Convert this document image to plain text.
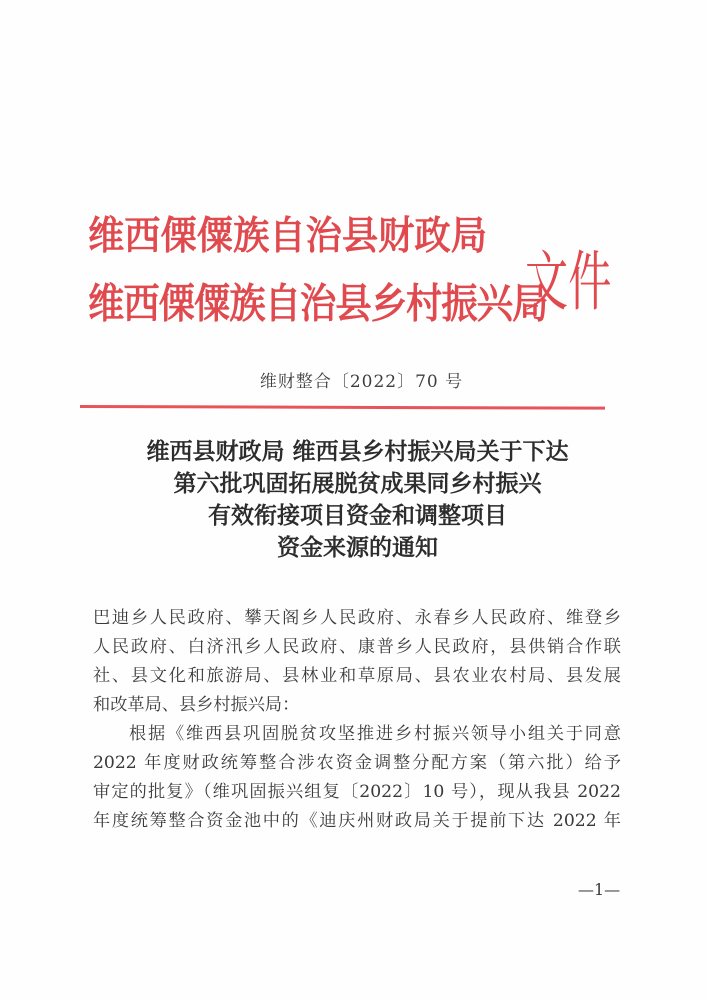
维西傈僳族自治县财政局
维西傈僳族自治县乡村振兴局
文件
维财整合〔2022〕70 号
维西县财政局 维西县乡村振兴局关于下达
第六批巩固拓展脱贫成果同乡村振兴
有效衔接项目资金和调整项目
资金来源的通知
巴迪乡人民政府、攀天阁乡人民政府、永春乡人民政府、维登乡
人民政府、白济汛乡人民政府、康普乡人民政府，县供销合作联
社、县文化和旅游局、县林业和草原局、县农业农村局、县发展
和改革局、县乡村振兴局：
根据《维西县巩固脱贫攻坚推进乡村振兴领导小组关于同意
2022 年度财政统筹整合涉农资金调整分配方案（第六批）给予
审定的批复》（维巩固振兴组复〔2022〕10 号），现从我县 2022
年度统筹整合资金池中的《迪庆州财政局关于提前下达 2022 年
—1—
